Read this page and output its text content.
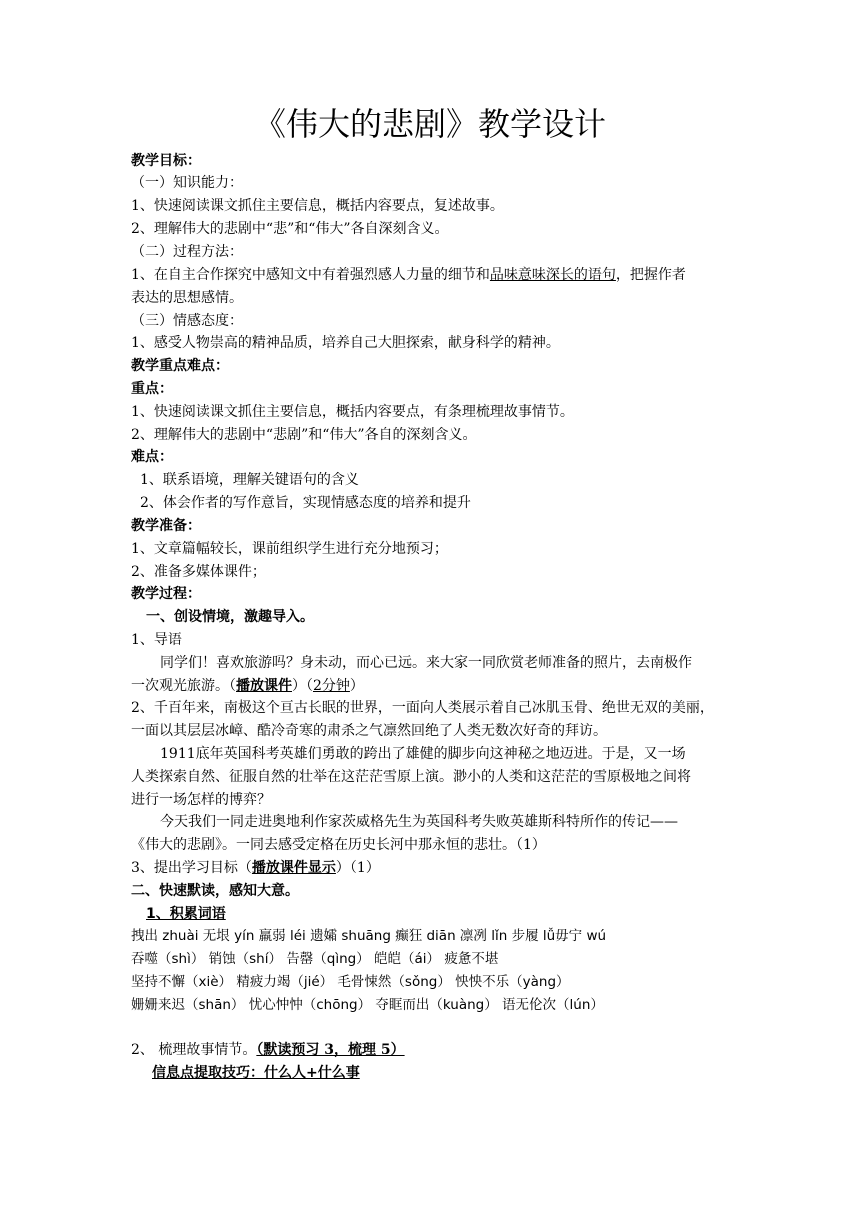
《伟大的悲剧》教学设计
教学目标：
（一）知识能力：
1、快速阅读课文抓住主要信息，概括内容要点，复述故事。
2、理解伟大的悲剧中“悲”和“伟大”各自深刻含义。
（二）过程方法：
1、在自主合作探究中感知文中有着强烈感人力量的细节和品味意味深长的语句，把握作者
表达的思想感情。
（三）情感态度：
1、感受人物崇高的精神品质，培养自己大胆探索，献身科学的精神。
教学重点难点：
重点：
1、快速阅读课文抓住主要信息，概括内容要点，有条理梳理故事情节。
2、理解伟大的悲剧中“悲剧”和“伟大”各自的深刻含义。
难点：
1、联系语境，理解关键语句的含义
2、体会作者的写作意旨，实现情感态度的培养和提升
教学准备：
1、文章篇幅较长，课前组织学生进行充分地预习；
2、准备多媒体课件；
教学过程：
一、创设情境，激趣导入。
1、导语
同学们！喜欢旅游吗？身未动，而心已远。来大家一同欣赏老师准备的照片，去南极作
一次观光旅游。（播放课件）（2分钟）
2、千百年来，南极这个亘古长眠的世界，一面向人类展示着自己冰肌玉骨、绝世无双的美丽，
一面以其层层冰嶂、酷冷奇寒的肃杀之气凛然回绝了人类无数次好奇的拜访。
1911底年英国科考英雄们勇敢的跨出了雄健的脚步向这神秘之地迈进。于是，又一场
人类探索自然、征服自然的壮举在这茫茫雪原上演。渺小的人类和这茫茫的雪原极地之间将
进行一场怎样的博弈？
今天我们一同走进奥地利作家茨威格先生为英国科考失败英雄斯科特所作的传记——
《伟大的悲剧》。一同去感受定格在历史长河中那永恒的悲壮。（1）
3、提出学习目标（播放课件显示）（1）
二、快速默读，感知大意。
1、积累词语
拽出 zhuài 无垠 yín 羸弱 léi 遗孀 shuāng 癫狂 diān 凛冽 lǐn 步履 lǚ毋宁 wú
吞噬（shì） 销蚀（shí） 告罄（qìng） 皑皑（ái） 疲惫不堪
坚持不懈（xiè） 精疲力竭（jié） 毛骨悚然（sǒng） 怏怏不乐（yàng）
姗姗来迟（shān） 忧心忡忡（chōng） 夺眶而出（kuàng） 语无伦次（lún）
2、 梳理故事情节。（默读预习 3，梳理 5）
信息点提取技巧：什么人+什么事
